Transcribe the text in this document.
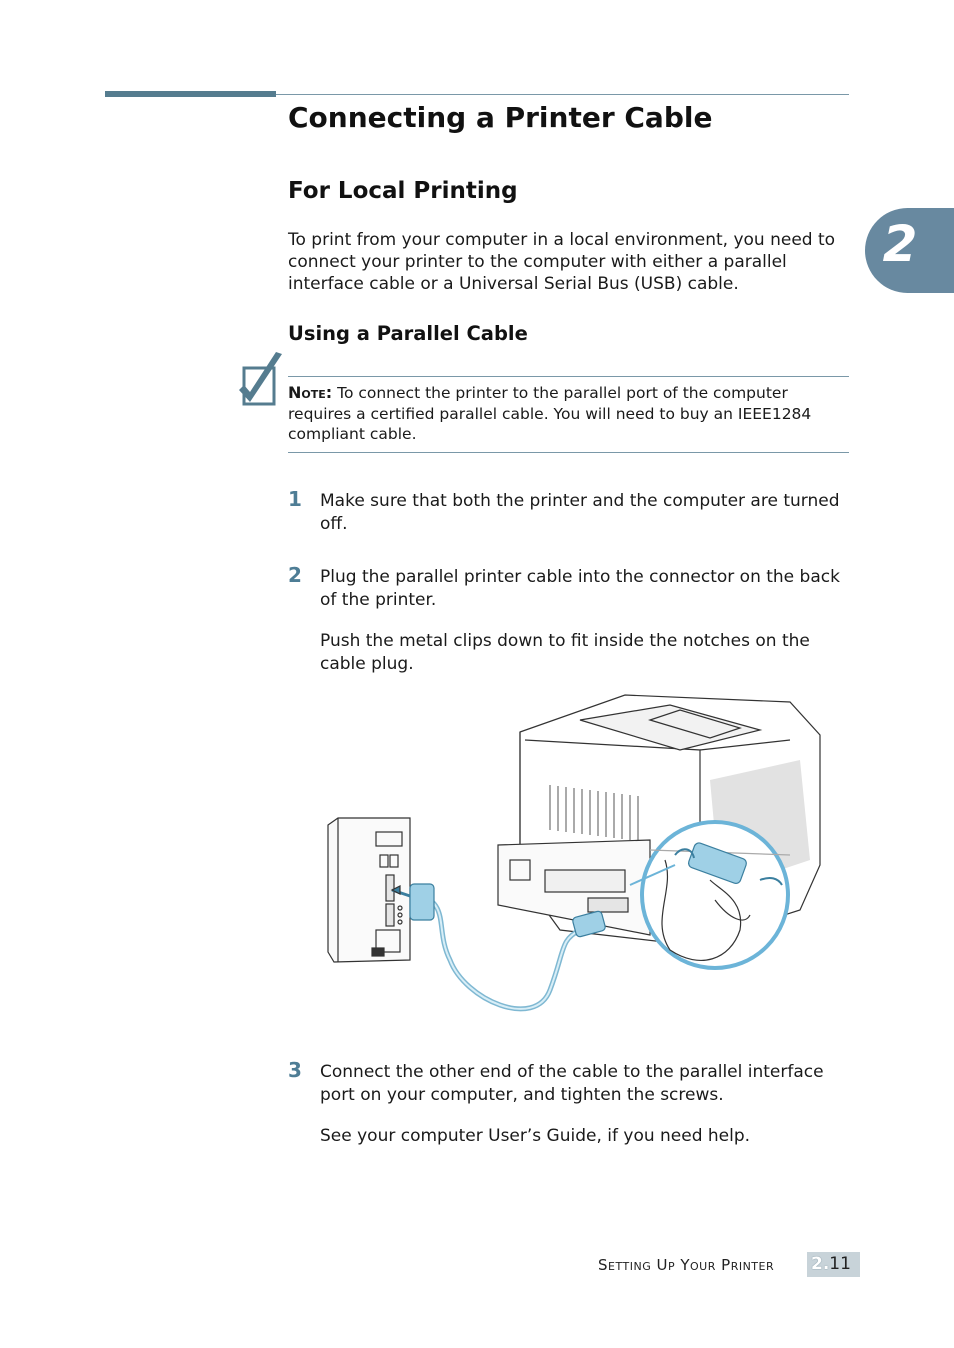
Connecting a Printer Cable
For Local Printing

To print from your computer in a local environment, you need to connect your printer to the computer with either a parallel interface cable or a Universal Serial Bus (USB) cable.

Using a Parallel Cable
2

Note: To connect the printer to the parallel port of the computer requires a certified parallel cable. You will need to buy an IEEE1284 compliant cable.

1 Make sure that both the printer and the computer are turned off.

2 Plug the parallel printer cable into the connector on the back of the printer.

Push the metal clips down to fit inside the notches on the cable plug.

3 Connect the other end of the cable to the parallel interface port on your computer, and tighten the screws.

See your computer User’s Guide, if you need help.

Setting Up Your Printer 2.11
